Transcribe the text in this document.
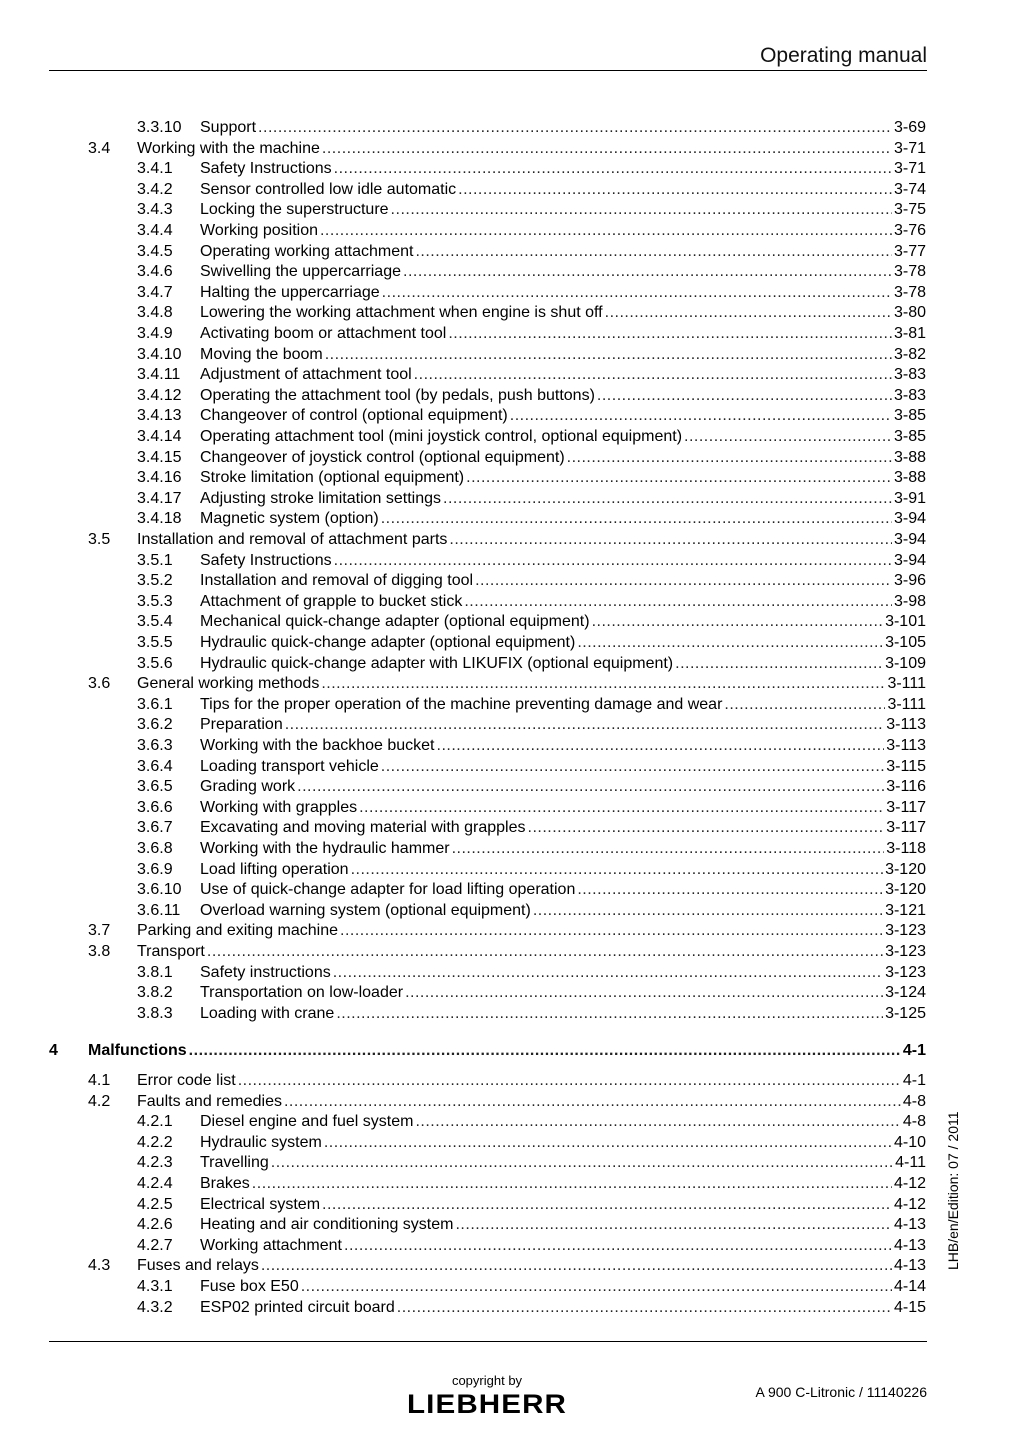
Operating manual
3.3.10 Support .....	3-69
3.4 Working with the machine .....	3-71
3.4.1 Safety Instructions .....	3-71
3.4.2 Sensor controlled low idle automatic .....	3-74
3.4.3 Locking the superstructure .....	3-75
3.4.4 Working position .....	3-76
3.4.5 Operating working attachment .....	3-77
3.4.6 Swivelling the uppercarriage .....	3-78
3.4.7 Halting the uppercarriage .....	3-78
3.4.8 Lowering the working attachment when engine is shut off .....	3-80
3.4.9 Activating boom or attachment tool .....	3-81
3.4.10 Moving the boom .....	3-82
3.4.11 Adjustment of attachment tool .....	3-83
3.4.12 Operating the attachment tool (by pedals, push buttons) .....	3-83
3.4.13 Changeover of control (optional equipment) .....	3-85
3.4.14 Operating attachment tool (mini joystick control, optional equipment) .....	3-85
3.4.15 Changeover of joystick control (optional equipment) .....	3-88
3.4.16 Stroke limitation (optional equipment) .....	3-88
3.4.17 Adjusting stroke limitation settings .....	3-91
3.4.18 Magnetic system (option) .....	3-94
3.5 Installation and removal of attachment parts .....	3-94
3.5.1 Safety Instructions .....	3-94
3.5.2 Installation and removal of digging tool .....	3-96
3.5.3 Attachment of grapple to bucket stick .....	3-98
3.5.4 Mechanical quick-change adapter (optional equipment) .....	3-101
3.5.5 Hydraulic quick-change adapter (optional equipment) .....	3-105
3.5.6 Hydraulic quick-change adapter with LIKUFIX (optional equipment) .....	3-109
3.6 General working methods .....	3-111
3.6.1 Tips for the proper operation of the machine preventing damage and wear .....	3-111
3.6.2 Preparation .....	3-113
3.6.3 Working with the backhoe bucket .....	3-113
3.6.4 Loading transport vehicle .....	3-115
3.6.5 Grading work .....	3-116
3.6.6 Working with grapples .....	3-117
3.6.7 Excavating and moving material with grapples .....	3-117
3.6.8 Working with the hydraulic hammer .....	3-118
3.6.9 Load lifting operation .....	3-120
3.6.10 Use of quick-change adapter for load lifting operation .....	3-120
3.6.11 Overload warning system (optional equipment) .....	3-121
3.7 Parking and exiting machine .....	3-123
3.8 Transport .....	3-123
3.8.1 Safety instructions .....	3-123
3.8.2 Transportation on low-loader .....	3-124
3.8.3 Loading with crane .....	3-125
4 Malfunctions .....	4-1
4.1 Error code list .....	4-1
4.2 Faults and remedies .....	4-8
4.2.1 Diesel engine and fuel system .....	4-8
4.2.2 Hydraulic system .....	4-10
4.2.3 Travelling .....	4-11
4.2.4 Brakes .....	4-12
4.2.5 Electrical system .....	4-12
4.2.6 Heating and air conditioning system .....	4-13
4.2.7 Working attachment .....	4-13
4.3 Fuses and relays .....	4-13
4.3.1 Fuse box E50 .....	4-14
4.3.2 ESP02 printed circuit board .....	4-15
LHB/en/Edition: 07 / 2011
copyright by
LIEBHERR	A 900 C-Litronic / 11140226
